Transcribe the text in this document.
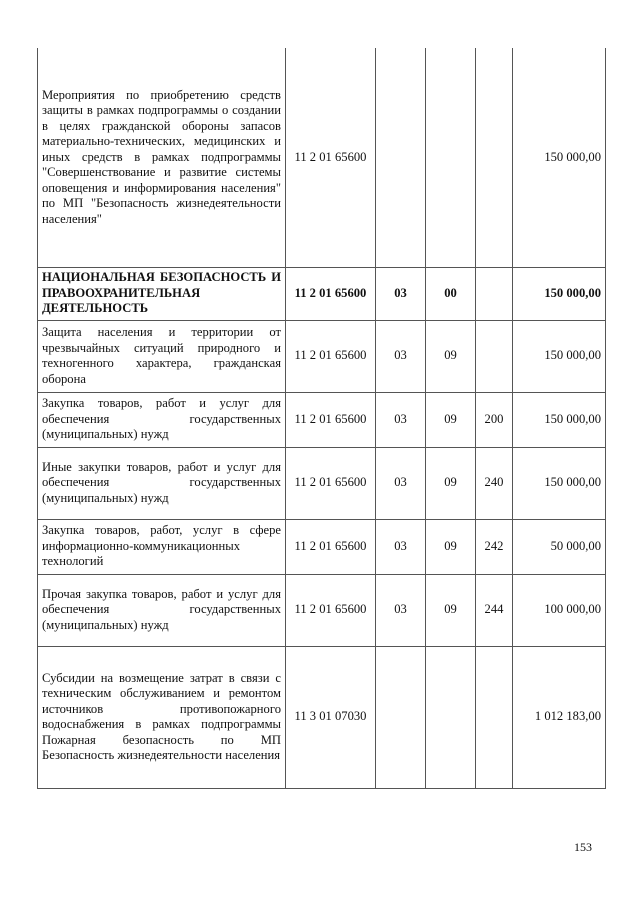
Мероприятия по приобретению средств защиты в рамках подпрограммы о создании в целях гражданской обороны запасов материально-технических, медицинских и иных средств в рамках подпрограммы "Совершенствование и развитие системы оповещения и информирования населения" по МП "Безопасность жизнедеятельности населения"	11 2 01 65600				150 000,00
НАЦИОНАЛЬНАЯ БЕЗОПАСНОСТЬ И ПРАВООХРАНИТЕЛЬНАЯ ДЕЯТЕЛЬНОСТЬ	11 2 01 65600	03	00		150 000,00
Защита населения и территории от чрезвычайных ситуаций природного и техногенного характера, гражданская оборона	11 2 01 65600	03	09		150 000,00
Закупка товаров, работ и услуг для обеспечения государственных (муниципальных) нужд	11 2 01 65600	03	09	200	150 000,00
Иные закупки товаров, работ и услуг для обеспечения государственных (муниципальных) нужд	11 2 01 65600	03	09	240	150 000,00
Закупка товаров, работ, услуг в сфере информационно-коммуникационных технологий	11 2 01 65600	03	09	242	50 000,00
Прочая закупка товаров, работ и услуг для обеспечения государственных (муниципальных) нужд	11 2 01 65600	03	09	244	100 000,00
Субсидии на возмещение затрат в связи с техническим обслуживанием и ремонтом источников противопожарного водоснабжения в рамках подпрограммы Пожарная безопасность по МП Безопасность жизнедеятельности населения	11 3 01 07030				1 012 183,00
153
